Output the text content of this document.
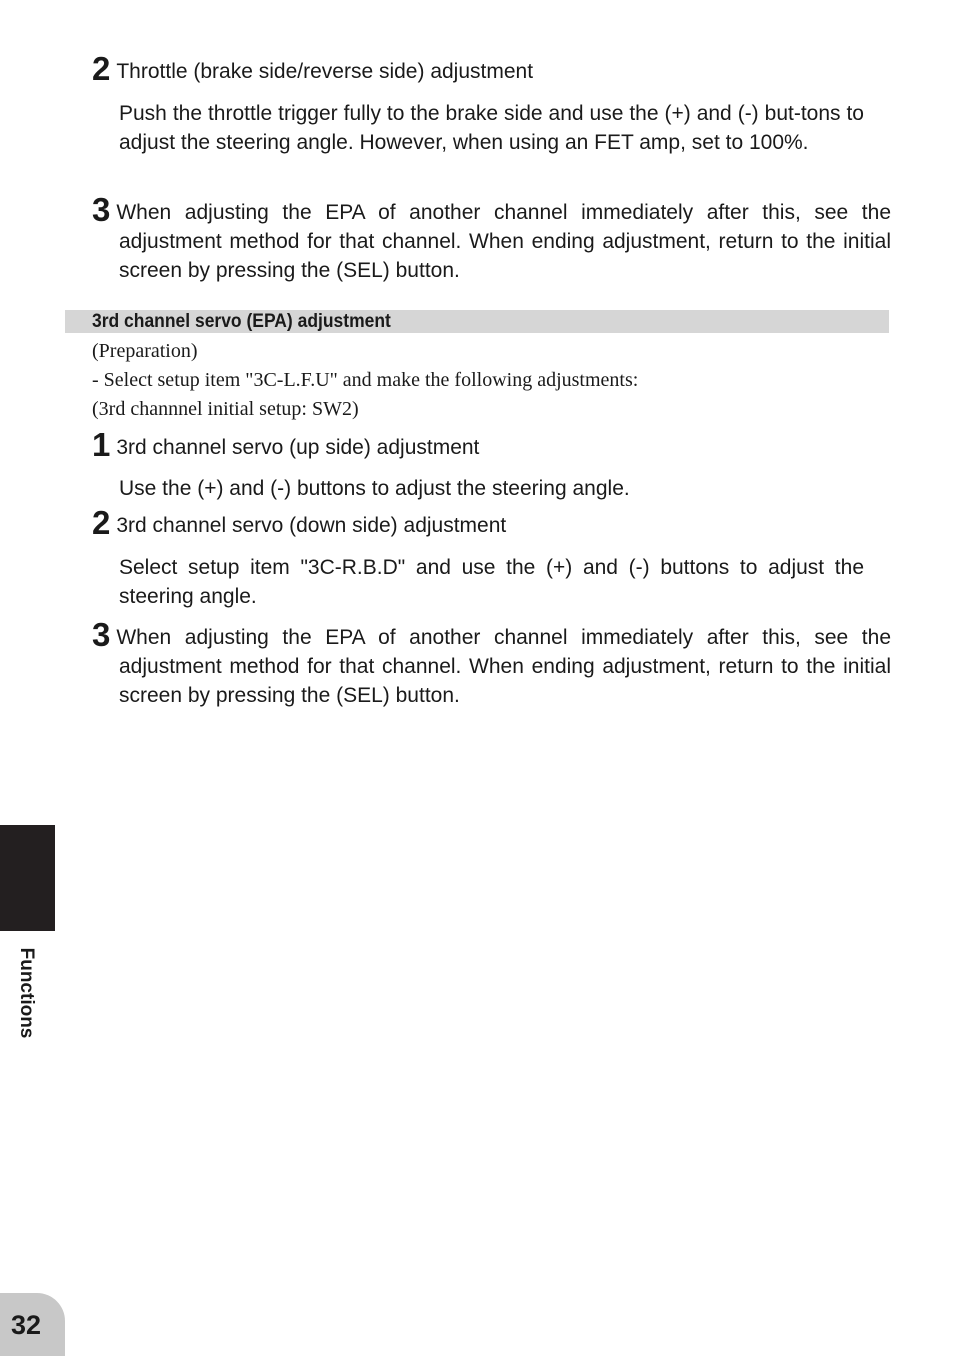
2 Throttle (brake side/reverse side) adjustment
Push the throttle trigger fully to the brake side and use the (+) and (-) but-tons to adjust the steering angle. However, when using an FET amp, set to 100%.
3 When adjusting the EPA of another channel immediately after this, see the adjustment method for that channel. When ending adjustment, return to the initial screen by pressing the (SEL) button.
3rd channel servo (EPA) adjustment
(Preparation)
- Select setup item "3C-L.F.U" and make the following adjustments:
(3rd channnel initial setup: SW2)
1 3rd channel servo (up side) adjustment
Use the (+) and (-) buttons to adjust the steering angle.
2 3rd channel servo (down side) adjustment
Select setup item "3C-R.B.D" and use the (+) and (-) buttons to adjust the steering angle.
3 When adjusting the EPA of another channel immediately after this, see the adjustment method for that channel. When ending adjustment, return to the initial screen by pressing the (SEL) button.
Functions
32
